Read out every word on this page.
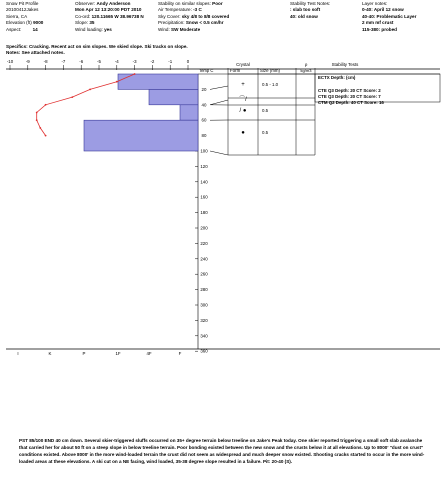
Snow Pit Profile
20100412Jakes
Sierra, CA
Elevation (ft) 9000
Aspect: 14
Observer: Andy Anderson
Mon Apr 12 13:20:00 PDT 2010
Co-ord: 120.11665 W 38.96738 N
Slope: 35
Wind loading: yes
Stability on similar slopes: Poor
Air Temperature: -3 C
Sky Cover: sky 4/8 to 8/8 covered
Precipitation: Snow < 0.5 cm/hr
Wind: SW Moderate
Stability Test Notes:
: slab too soft
40: old snow
Layer notes:
0-40: April 12 snow
40-40: Problematic Layer
2 mm mf crust
115-380: probed
Specifics: Cracking. Recent act on sim slopes. We skied slope. Ski tracks on slope.
Notes: See attached notes.
-10	-9	-8	-7	-6	-5	-4	-3	-2	-1	0
Temp C
20
40
60
80
100
120
140
160
180
200
220
240
260
280
300
320
340
360
I	K	P	1F	4F	F
Crystal
Form	Size (mm)
ρ
kg/m3
Stability Tests
+	0.5 - 1.0
⌒/
/ ●	0.5
●	0.5
ECTX Depth: (cm)
CTE Q3 Depth: 20 CT Score: 2
CTE Q3 Depth: 20 CT Score: 7
CTM Q2 Depth: 40 CT Score: 16
PST 85/100 END 40 cm down. Several skier-triggered sluffs occurred on 35+ degree terrain below treeline on Jake's Peak today. One skier reported triggering a small soft slab avalanche that carried her for about 50 ft on a steep slope in below treeline terrain. Poor bonding existed between the new snow and the crusts below it at all elevations. Up to 8000' "dust on crust" conditions existed. Above 8000' in the more wind-loaded terrain the crust did not seem as widespread and much deeper snow existed. Shooting cracks started to occur in the more wind-loaded areas at these elevations. A ski cut on a NE facing, wind loaded, 35-38 degree slope resulted in a failure. Pit: 20-40 (S).
